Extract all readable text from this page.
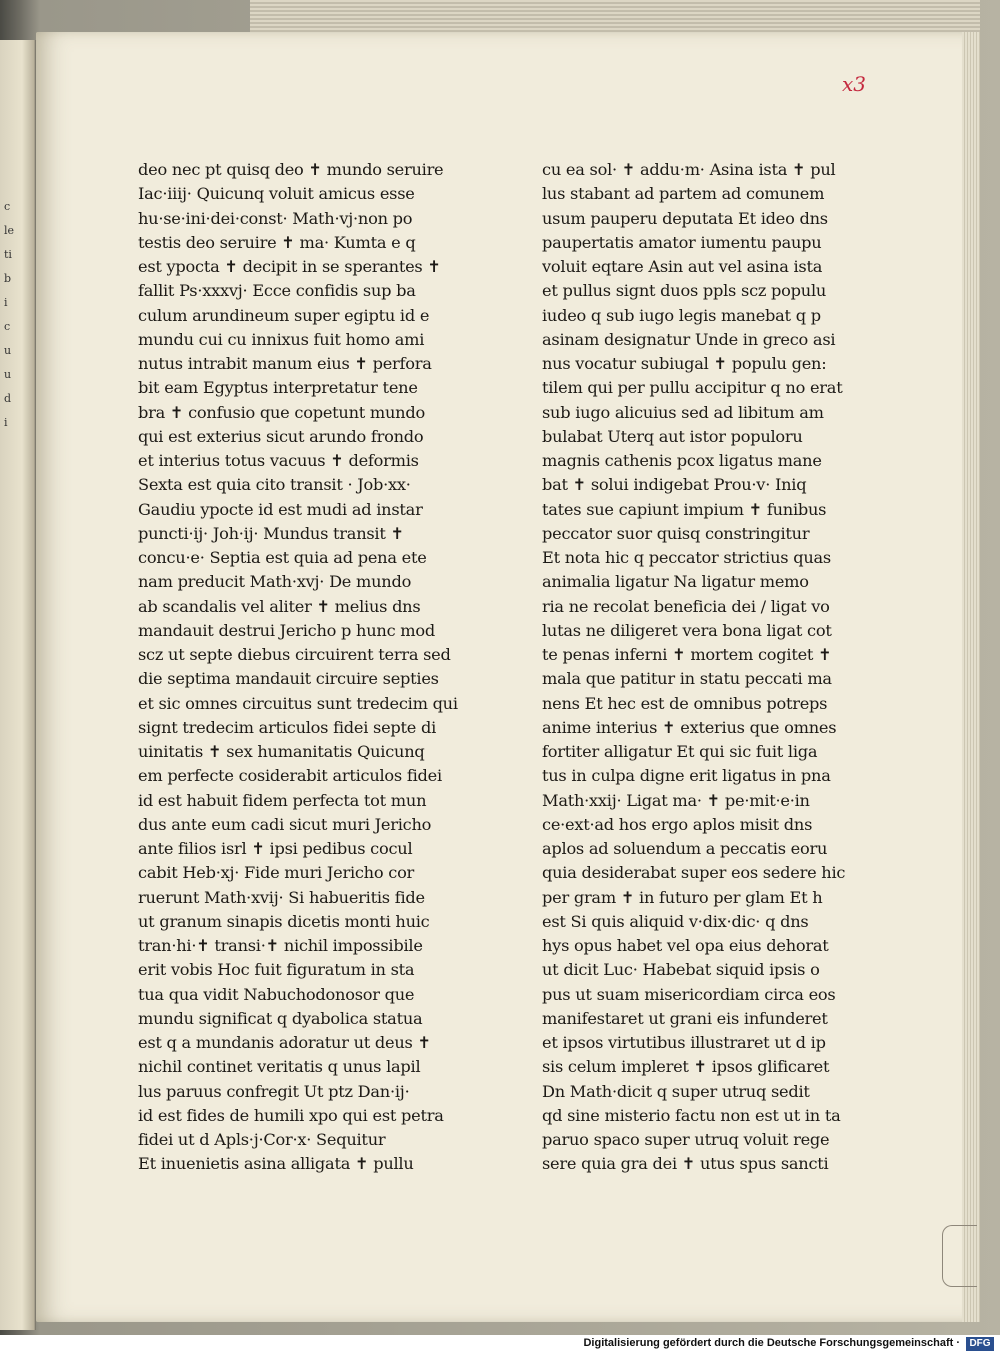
c
le
ti
b
i
c
u
u
d
i
x3
deo nec pt quisq deo ✝ mundo seruire
Iac·iiij· Quicunq voluit amicus esse
hu·se·ini·dei·const· Math·vj·non po
testis deo seruire ✝ ma· Kumta e q
est ypocta ✝ decipit in se sperantes ✝
fallit Ps·xxxvj· Ecce confidis sup ba
culum arundineum super egiptu id e
mundu cui cu innixus fuit homo ami
nutus intrabit manum eius ✝ perfora
bit eam Egyptus interpretatur tene
bra ✝ confusio que copetunt mundo
qui est exterius sicut arundo frondo
et interius totus vacuus ✝ deformis
Sexta est quia cito transit · Job·xx·
Gaudiu ypocte id est mudi ad instar
puncti·ij· Joh·ij· Mundus transit ✝
concu·e· Septia est quia ad pena ete
nam preducit Math·xvj· De mundo
ab scandalis vel aliter ✝ melius dns
mandauit destrui Jericho p hunc mod
scz ut septe diebus circuirent terra sed
die septima mandauit circuire septies
et sic omnes circuitus sunt tredecim qui
signt tredecim articulos fidei septe di
uinitatis ✝ sex humanitatis Quicunq
em perfecte cosiderabit articulos fidei
id est habuit fidem perfecta tot mun
dus ante eum cadi sicut muri Jericho
ante filios isrl ✝ ipsi pedibus cocul
cabit Heb·xj· Fide muri Jericho cor
ruerunt Math·xvij· Si habueritis fide
ut granum sinapis dicetis monti huic
tran·hi·✝ transi·✝ nichil impossibile
erit vobis Hoc fuit figuratum in sta
tua qua vidit Nabuchodonosor que
mundu significat q dyabolica statua
est q a mundanis adoratur ut deus ✝
nichil continet veritatis q unus lapil
lus paruus confregit Ut ptz Dan·ij·
id est fides de humili xpo qui est petra
fidei ut d Apls·j·Cor·x· Sequitur
Et inuenietis asina alligata ✝ pullu
cu ea sol· ✝ addu·m· Asina ista ✝ pul
lus stabant ad partem ad comunem
usum pauperu deputata Et ideo dns
paupertatis amator iumentu paupu
voluit eqtare Asin aut vel asina ista
et pullus signt duos ppls scz populu
iudeo q sub iugo legis manebat q p
asinam designatur Unde in greco asi
nus vocatur subiugal ✝ populu gen:
tilem qui per pullu accipitur q no erat
sub iugo alicuius sed ad libitum am
bulabat Uterq aut istor populoru
magnis cathenis pcox ligatus mane
bat ✝ solui indigebat Prou·v· Iniq
tates sue capiunt impium ✝ funibus
peccator suor quisq constringitur
Et nota hic q peccator strictius quas
animalia ligatur Na ligatur memo
ria ne recolat beneficia dei / ligat vo
lutas ne diligeret vera bona ligat cot
te penas inferni ✝ mortem cogitet ✝
mala que patitur in statu peccati ma
nens Et hec est de omnibus potreps
anime interius ✝ exterius que omnes
fortiter alligatur Et qui sic fuit liga
tus in culpa digne erit ligatus in pna
Math·xxij· Ligat ma· ✝ pe·mit·e·in
ce·ext·ad hos ergo aplos misit dns
aplos ad soluendum a peccatis eoru
quia desiderabat super eos sedere hic
per gram ✝ in futuro per glam Et h
est Si quis aliquid v·dix·dic· q dns
hys opus habet vel opa eius dehorat
ut dicit Luc· Habebat siquid ipsis o
pus ut suam misericordiam circa eos
manifestaret ut grani eis infunderet
et ipsos virtutibus illustraret ut d ip
sis celum impleret ✝ ipsos glificaret
Dn Math·dicit q super utruq sedit
qd sine misterio factu non est ut in ta
paruo spaco super utruq voluit rege
sere quia gra dei ✝ utus spus sancti
Digitalisierung gefördert durch die Deutsche Forschungsgemeinschaft · DFG
